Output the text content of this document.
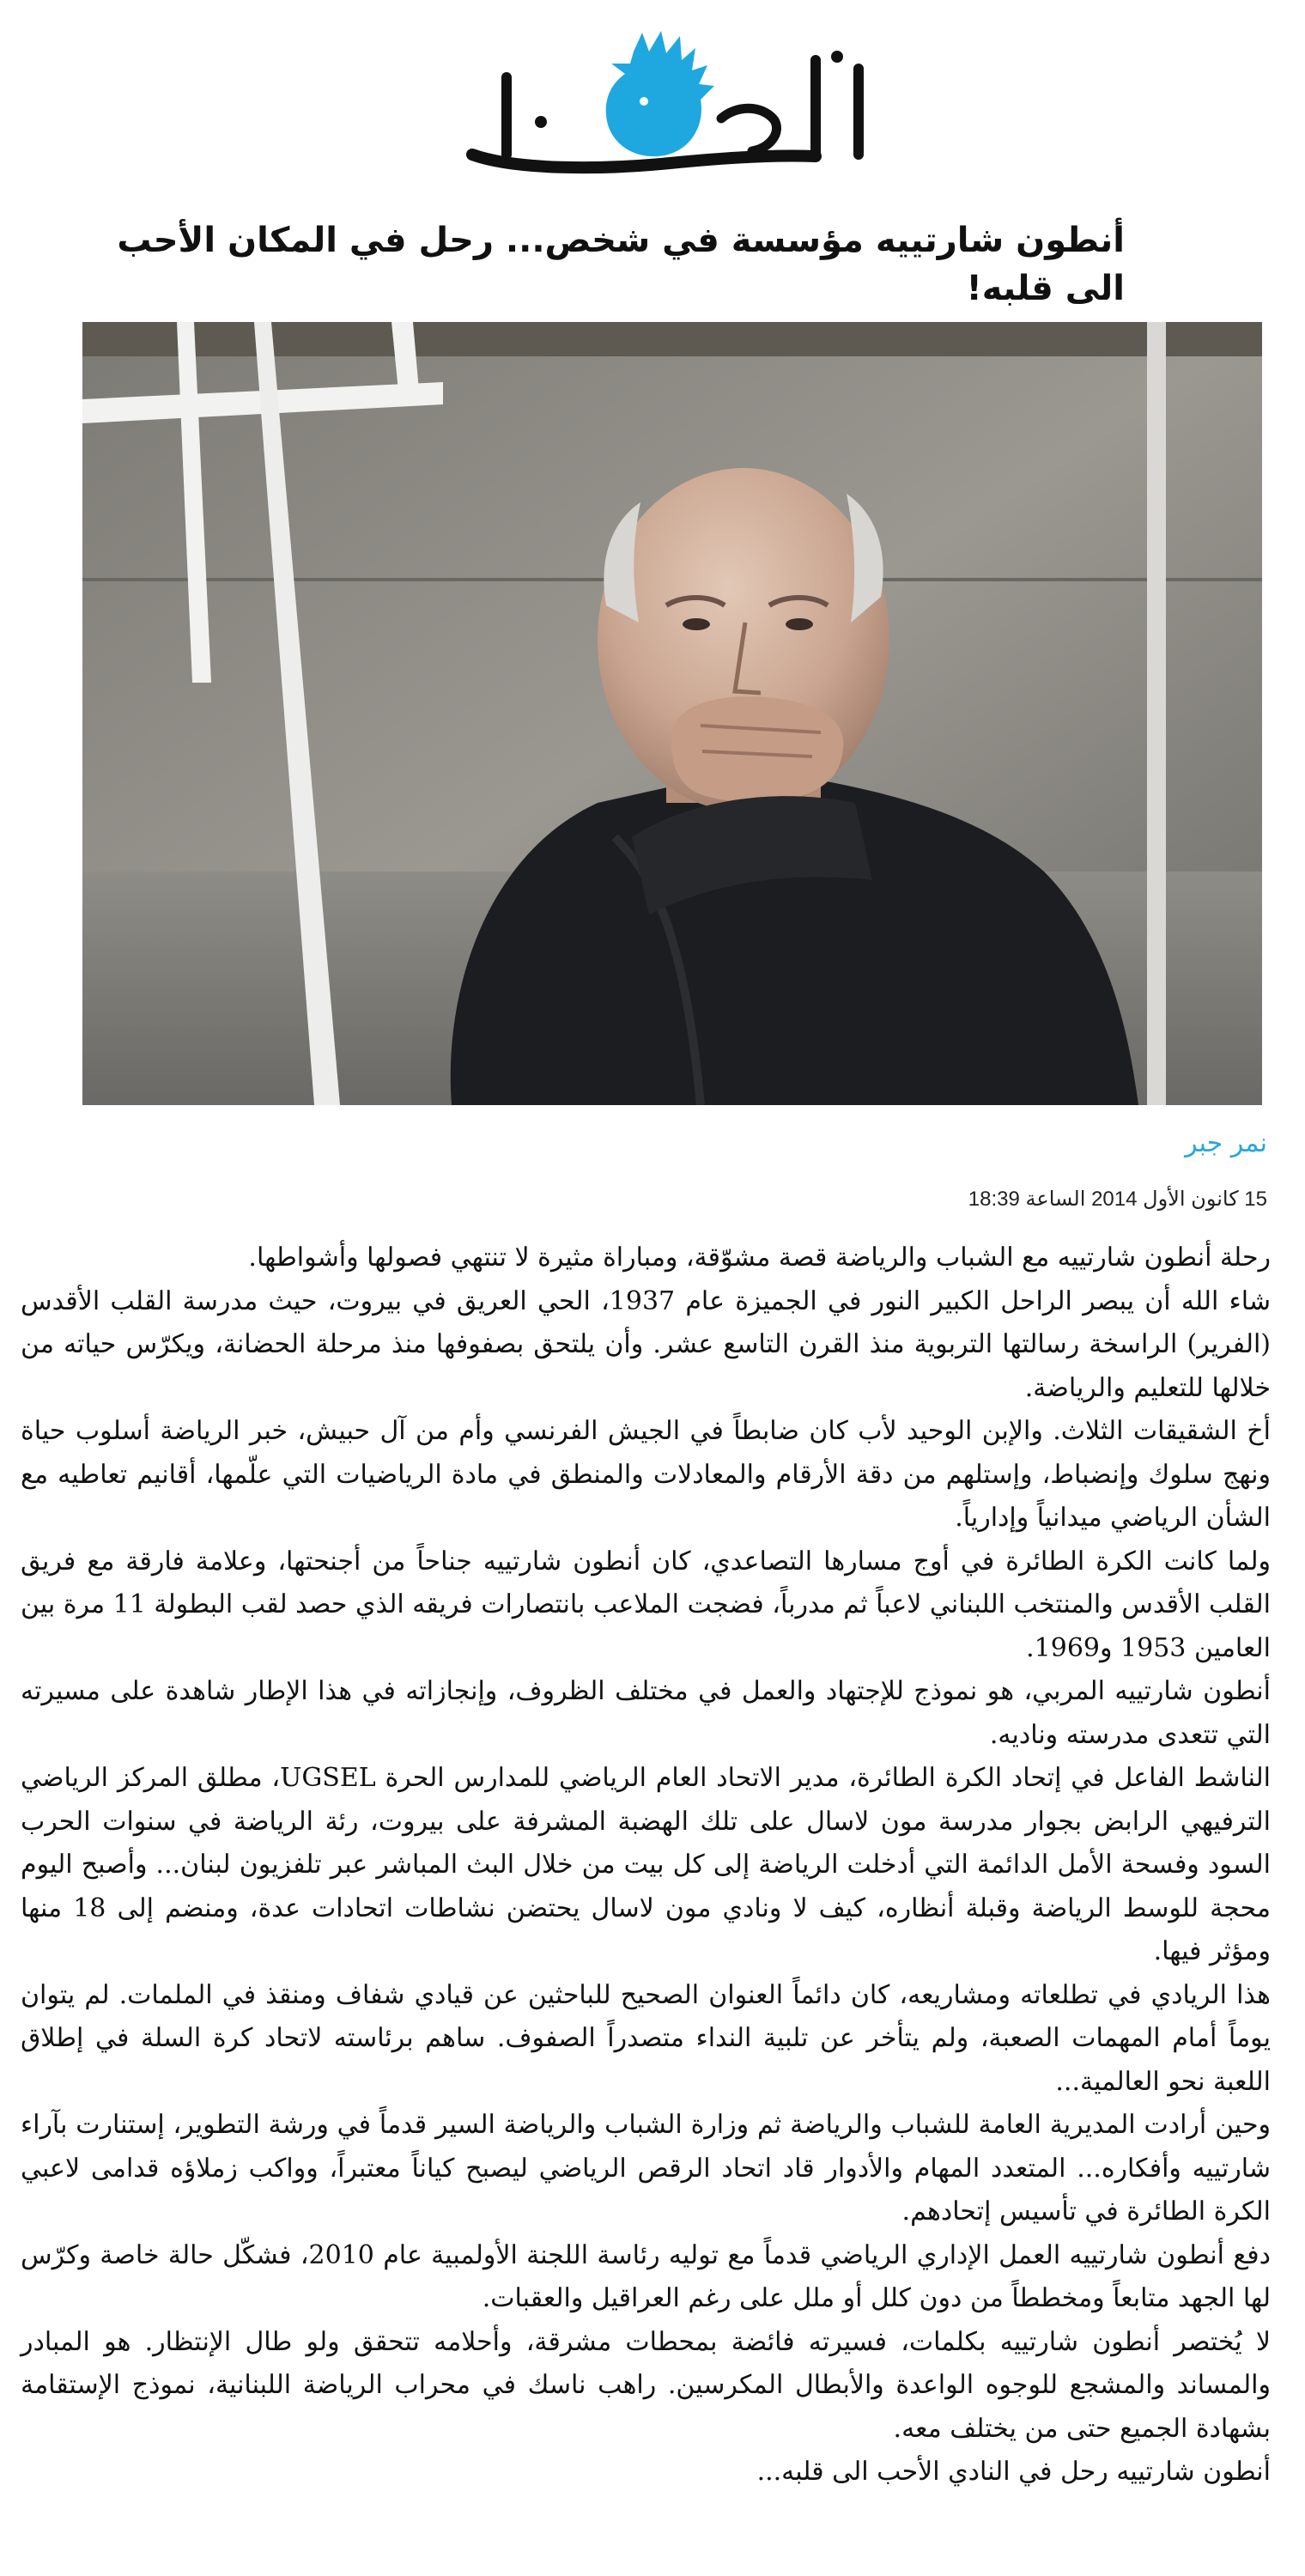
أنطون شارتييه مؤسسة في شخص... رحل في المكان الأحب الى قلبه!

نمر جبر

15 كانون الأول 2014 الساعة 18:39

رحلة أنطون شارتييه مع الشباب والرياضة قصة مشوّقة، ومباراة مثيرة لا تنتهي فصولها وأشواطها.

شاء الله أن يبصر الراحل الكبير النور في الجميزة عام 1937، الحي العريق في بيروت، حيث مدرسة القلب الأقدس (الفرير) الراسخة رسالتها التربوية منذ القرن التاسع عشر. وأن يلتحق بصفوفها منذ مرحلة الحضانة، ويكرّس حياته من خلالها للتعليم والرياضة.

أخ الشقيقات الثلاث. والإبن الوحيد لأب كان ضابطاً في الجيش الفرنسي وأم من آل حبيش، خبر الرياضة أسلوب حياة ونهج سلوك وإنضباط، وإستلهم من دقة الأرقام والمعادلات والمنطق في مادة الرياضيات التي علّمها، أقانيم تعاطيه مع الشأن الرياضي ميدانياً وإدارياً.

ولما كانت الكرة الطائرة في أوج مسارها التصاعدي، كان أنطون شارتييه جناحاً من أجنحتها، وعلامة فارقة مع فريق القلب الأقدس والمنتخب اللبناني لاعباً ثم مدرباً، فضجت الملاعب بانتصارات فريقه الذي حصد لقب البطولة 11 مرة بين العامين 1953 و1969.

أنطون شارتييه المربي، هو نموذج للإجتهاد والعمل في مختلف الظروف، وإنجازاته في هذا الإطار شاهدة على مسيرته التي تتعدى مدرسته وناديه.

الناشط الفاعل في إتحاد الكرة الطائرة، مدير الاتحاد العام الرياضي للمدارس الحرة UGSEL، مطلق المركز الرياضي الترفيهي الرابض بجوار مدرسة مون لاسال على تلك الهضبة المشرفة على بيروت، رئة الرياضة في سنوات الحرب السود وفسحة الأمل الدائمة التي أدخلت الرياضة إلى كل بيت من خلال البث المباشر عبر تلفزيون لبنان... وأصبح اليوم محجة للوسط الرياضة وقبلة أنظاره، كيف لا ونادي مون لاسال يحتضن نشاطات اتحادات عدة، ومنضم إلى 18 منها ومؤثر فيها.

هذا الريادي في تطلعاته ومشاريعه، كان دائماً العنوان الصحيح للباحثين عن قيادي شفاف ومنقذ في الملمات. لم يتوان يوماً أمام المهمات الصعبة، ولم يتأخر عن تلبية النداء متصدراً الصفوف. ساهم برئاسته لاتحاد كرة السلة في إطلاق اللعبة نحو العالمية...

وحين أرادت المديرية العامة للشباب والرياضة ثم وزارة الشباب والرياضة السير قدماً في ورشة التطوير، إستنارت بآراء شارتييه وأفكاره... المتعدد المهام والأدوار قاد اتحاد الرقص الرياضي ليصبح كياناً معتبراً، وواكب زملاؤه قدامى لاعبي الكرة الطائرة في تأسيس إتحادهم.

دفع أنطون شارتييه العمل الإداري الرياضي قدماً مع توليه رئاسة اللجنة الأولمبية عام 2010، فشكّل حالة خاصة وكرّس لها الجهد متابعاً ومخططاً من دون كلل أو ملل على رغم العراقيل والعقبات.

لا يُختصر أنطون شارتييه بكلمات، فسيرته فائضة بمحطات مشرقة، وأحلامه تتحقق ولو طال الإنتظار. هو المبادر والمساند والمشجع للوجوه الواعدة والأبطال المكرسين. راهب ناسك في محراب الرياضة اللبنانية، نموذج الإستقامة بشهادة الجميع حتى من يختلف معه.

أنطون شارتييه رحل في النادي الأحب الى قلبه...
